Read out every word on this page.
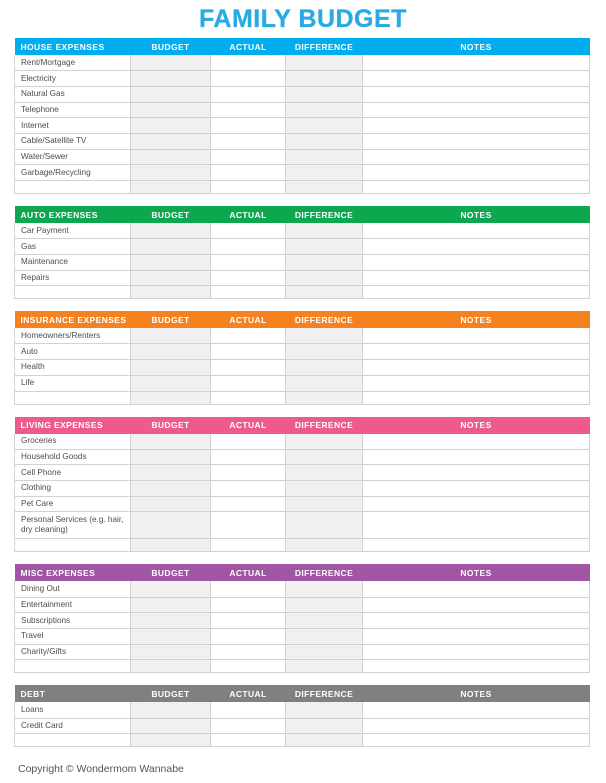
FAMILY BUDGET
HOUSE EXPENSES	BUDGET	ACTUAL	DIFFERENCE	NOTES
Rent/Mortgage				
Electricity				
Natural Gas				
Telephone				
Internet				
Cable/Satellite TV				
Water/Sewer				
Garbage/Recycling				

AUTO EXPENSES	BUDGET	ACTUAL	DIFFERENCE	NOTES
Car Payment				
Gas				
Maintenance				
Repairs				

INSURANCE EXPENSES	BUDGET	ACTUAL	DIFFERENCE	NOTES
Homeowners/Renters				
Auto				
Health				
Life				

LIVING EXPENSES	BUDGET	ACTUAL	DIFFERENCE	NOTES
Groceries				
Household Goods				
Cell Phone				
Clothing				
Pet Care				
Personal Services (e.g. hair, dry cleaning)				

MISC EXPENSES	BUDGET	ACTUAL	DIFFERENCE	NOTES
Dining Out				
Entertainment				
Subscriptions				
Travel				
Charity/Gifts				

DEBT	BUDGET	ACTUAL	DIFFERENCE	NOTES
Loans				
Credit Card				

Copyright © Wondermom Wannabe
